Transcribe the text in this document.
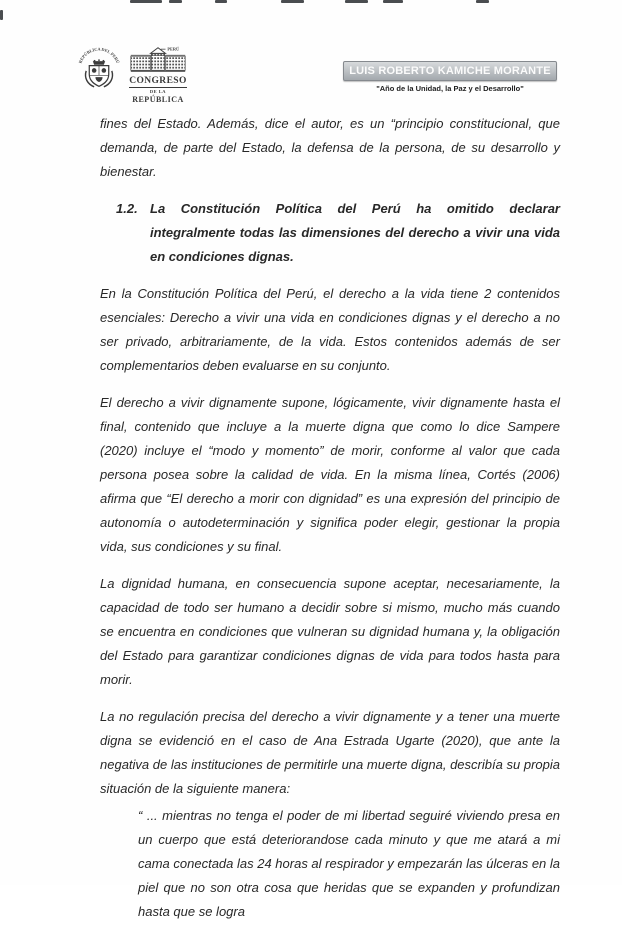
REPÚBLICA DEL PERÚ
PERÚ
CONGRESO
DE LA
REPÚBLICA
LUIS ROBERTO KAMICHE MORANTE
"Año de la Unidad, la Paz y el Desarrollo"

fines del Estado. Además, dice el autor, es un “principio constitucional, que demanda, de parte del Estado, la defensa de la persona, de su desarrollo y bienestar.

1.2. La Constitución Política del Perú ha omitido declarar integralmente todas las dimensiones del derecho a vivir una vida en condiciones dignas.

En la Constitución Política del Perú, el derecho a la vida tiene 2 contenidos esenciales: Derecho a vivir una vida en condiciones dignas y el derecho a no ser privado, arbitrariamente, de la vida. Estos contenidos además de ser complementarios deben evaluarse en su conjunto.

El derecho a vivir dignamente supone, lógicamente, vivir dignamente hasta el final, contenido que incluye a la muerte digna que como lo dice Sampere (2020) incluye el “modo y momento” de morir, conforme al valor que cada persona posea sobre la calidad de vida. En la misma línea, Cortés (2006) afirma que “El derecho a morir con dignidad” es una expresión del principio de autonomía o autodeterminación y significa poder elegir, gestionar la propia vida, sus condiciones y su final.

La dignidad humana, en consecuencia supone aceptar, necesariamente, la capacidad de todo ser humano a decidir sobre si mismo, mucho más cuando se encuentra en condiciones que vulneran su dignidad humana y, la obligación del Estado para garantizar condiciones dignas de vida para todos hasta para morir.

La no regulación precisa del derecho a vivir dignamente y a tener una muerte digna se evidenció en el caso de Ana Estrada Ugarte (2020), que ante la negativa de las instituciones de permitirle una muerte digna, describía su propia situación de la siguiente manera:

“ ... mientras no tenga el poder de mi libertad seguiré viviendo presa en un cuerpo que está deteriorandose cada minuto y que me atará a mi cama conectada las 24 horas al respirador y empezarán las úlceras en la piel que no son otra cosa que heridas que se expanden y profundizan hasta que se logra
